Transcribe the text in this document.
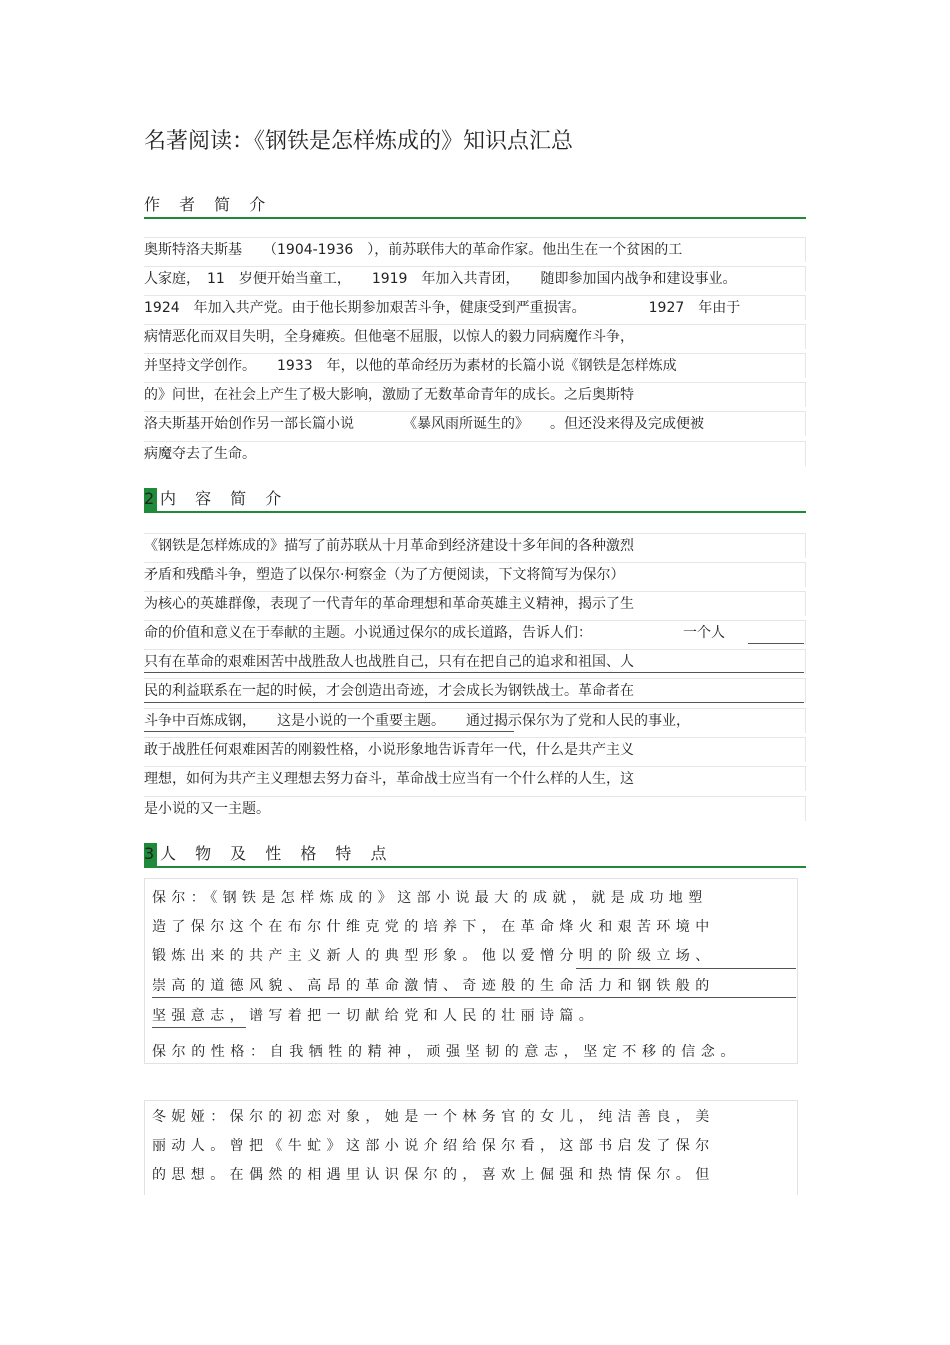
名著阅读：《钢铁是怎样炼成的》知识点汇总
作 者 简 介
奥斯特洛夫斯基　　（1904-1936　），前苏联伟大的革命作家。他出生在一个贫困的工
人家庭，　11　岁便开始当童工，　　1919　年加入共青团，　　随即参加国内战争和建设事业。
1924　年加入共产党。由于他长期参加艰苦斗争，健康受到严重损害。　　　　　1927　年由于
病情恶化而双目失明，全身瘫痪。但他毫不屈服，以惊人的毅力同病魔作斗争，
并坚持文学创作。　　1933　年，以他的革命经历为素材的长篇小说《钢铁是怎样炼成
的》问世，在社会上产生了极大影响，激励了无数革命青年的成长。之后奥斯特
洛夫斯基开始创作另一部长篇小说　　　　《暴风雨所诞生的》　　。但还没来得及完成便被
病魔夺去了生命。
2 内 容 简 介
《钢铁是怎样炼成的》描写了前苏联从十月革命到经济建设十多年间的各种激烈
矛盾和残酷斗争，塑造了以保尔·柯察金（为了方便阅读，下文将简写为保尔）
为核心的英雄群像，表现了一代青年的革命理想和革命英雄主义精神，揭示了生
命的价值和意义在于奉献的主题。小说通过保尔的成长道路，告诉人们：　　　　　　　一个人
只有在革命的艰难困苦中战胜敌人也战胜自己，只有在把自己的追求和祖国、人
民的利益联系在一起的时候，才会创造出奇迹，才会成长为钢铁战士。革命者在
斗争中百炼成钢，　　这是小说的一个重要主题。　　通过揭示保尔为了党和人民的事业，
敢于战胜任何艰难困苦的刚毅性格，小说形象地告诉青年一代，什么是共产主义
理想，如何为共产主义理想去努力奋斗，革命战士应当有一个什么样的人生，这
是小说的又一主题。
3 人 物 及 性 格 特 点
保尔：《钢铁是怎样炼成的》这部小说最大的成就，就是成功地塑
造了保尔这个在布尔什维克党的培养下，在革命烽火和艰苦环境中
锻炼出来的共产主义新人的典型形象。他以爱憎分明的阶级立场、
崇高的道德风貌、高昂的革命激情、奇迹般的生命活力和钢铁般的
坚强意志，谱写着把一切献给党和人民的壮丽诗篇。
保尔的性格：自我牺牲的精神，顽强坚韧的意志，坚定不移的信念。
冬妮娅：保尔的初恋对象，她是一个林务官的女儿，纯洁善良，美
丽动人。曾把《牛虻》这部小说介绍给保尔看，这部书启发了保尔
的思想。在偶然的相遇里认识保尔的，喜欢上倔强和热情保尔。但
